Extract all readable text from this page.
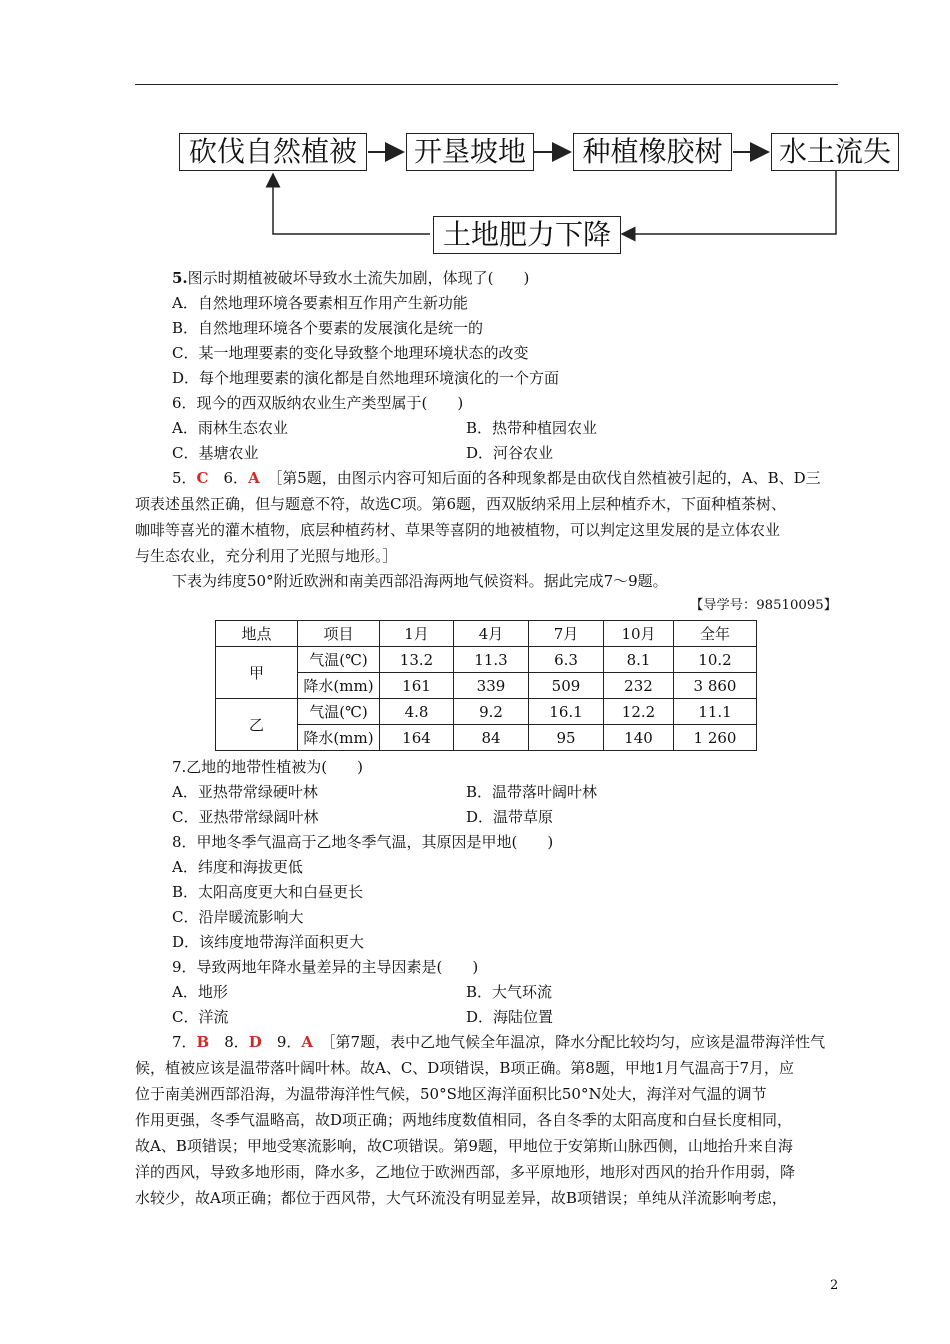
砍伐自然植被	开垦坡地	种植橡胶树	水土流失
土地肥力下降
5.图示时期植被破坏导致水土流失加剧，体现了(　　)
A．自然地理环境各要素相互作用产生新功能
B．自然地理环境各个要素的发展演化是统一的
C．某一地理要素的变化导致整个地理环境状态的改变
D．每个地理要素的演化都是自然地理环境演化的一个方面
6．现今的西双版纳农业生产类型属于(　　)
A．雨林生态农业	B．热带种植园农业
C．基塘农业	D．河谷农业
5．C　 6．A　 ［第5题，由图示内容可知后面的各种现象都是由砍伐自然植被引起的，A、B、D三
项表述虽然正确，但与题意不符，故选C项。第6题，西双版纳采用上层种植乔木，下面种植茶树、
咖啡等喜光的灌木植物，底层种植药材、草果等喜阴的地被植物，可以判定这里发展的是立体农业
与生态农业，充分利用了光照与地形。］
下表为纬度50°附近欧洲和南美西部沿海两地气候资料。据此完成7～9题。
【导学号：98510095】
地点	项目	1月	4月	7月	10月	全年
甲	气温(℃)	13.2	11.3	6.3	8.1	10.2
	降水(mm)	161	339	509	232	3 860
乙	气温(℃)	4.8	9.2	16.1	12.2	11.1
	降水(mm)	164	84	95	140	1 260
7.乙地的地带性植被为(　　)
A．亚热带常绿硬叶林	B．温带落叶阔叶林
C．亚热带常绿阔叶林	D．温带草原
8．甲地冬季气温高于乙地冬季气温，其原因是甲地(　　)
A．纬度和海拔更低
B．太阳高度更大和白昼更长
C．沿岸暖流影响大
D．该纬度地带海洋面积更大
9．导致两地年降水量差异的主导因素是(　　)
A．地形	B．大气环流
C．洋流	D．海陆位置
7．B　 8．D　 9．A　 ［第7题，表中乙地气候全年温凉，降水分配比较均匀，应该是温带海洋性气
候，植被应该是温带落叶阔叶林。故A、C、D项错误，B项正确。第8题，甲地1月气温高于7月，应
位于南美洲西部沿海，为温带海洋性气候，50°S地区海洋面积比50°N处大，海洋对气温的调节
作用更强，冬季气温略高，故D项正确；两地纬度数值相同，各自冬季的太阳高度和白昼长度相同，
故A、B项错误；甲地受寒流影响，故C项错误。第9题，甲地位于安第斯山脉西侧，山地抬升来自海
洋的西风，导致多地形雨，降水多，乙地位于欧洲西部，多平原地形，地形对西风的抬升作用弱，降
水较少，故A项正确；都位于西风带，大气环流没有明显差异，故B项错误；单纯从洋流影响考虑，
2
